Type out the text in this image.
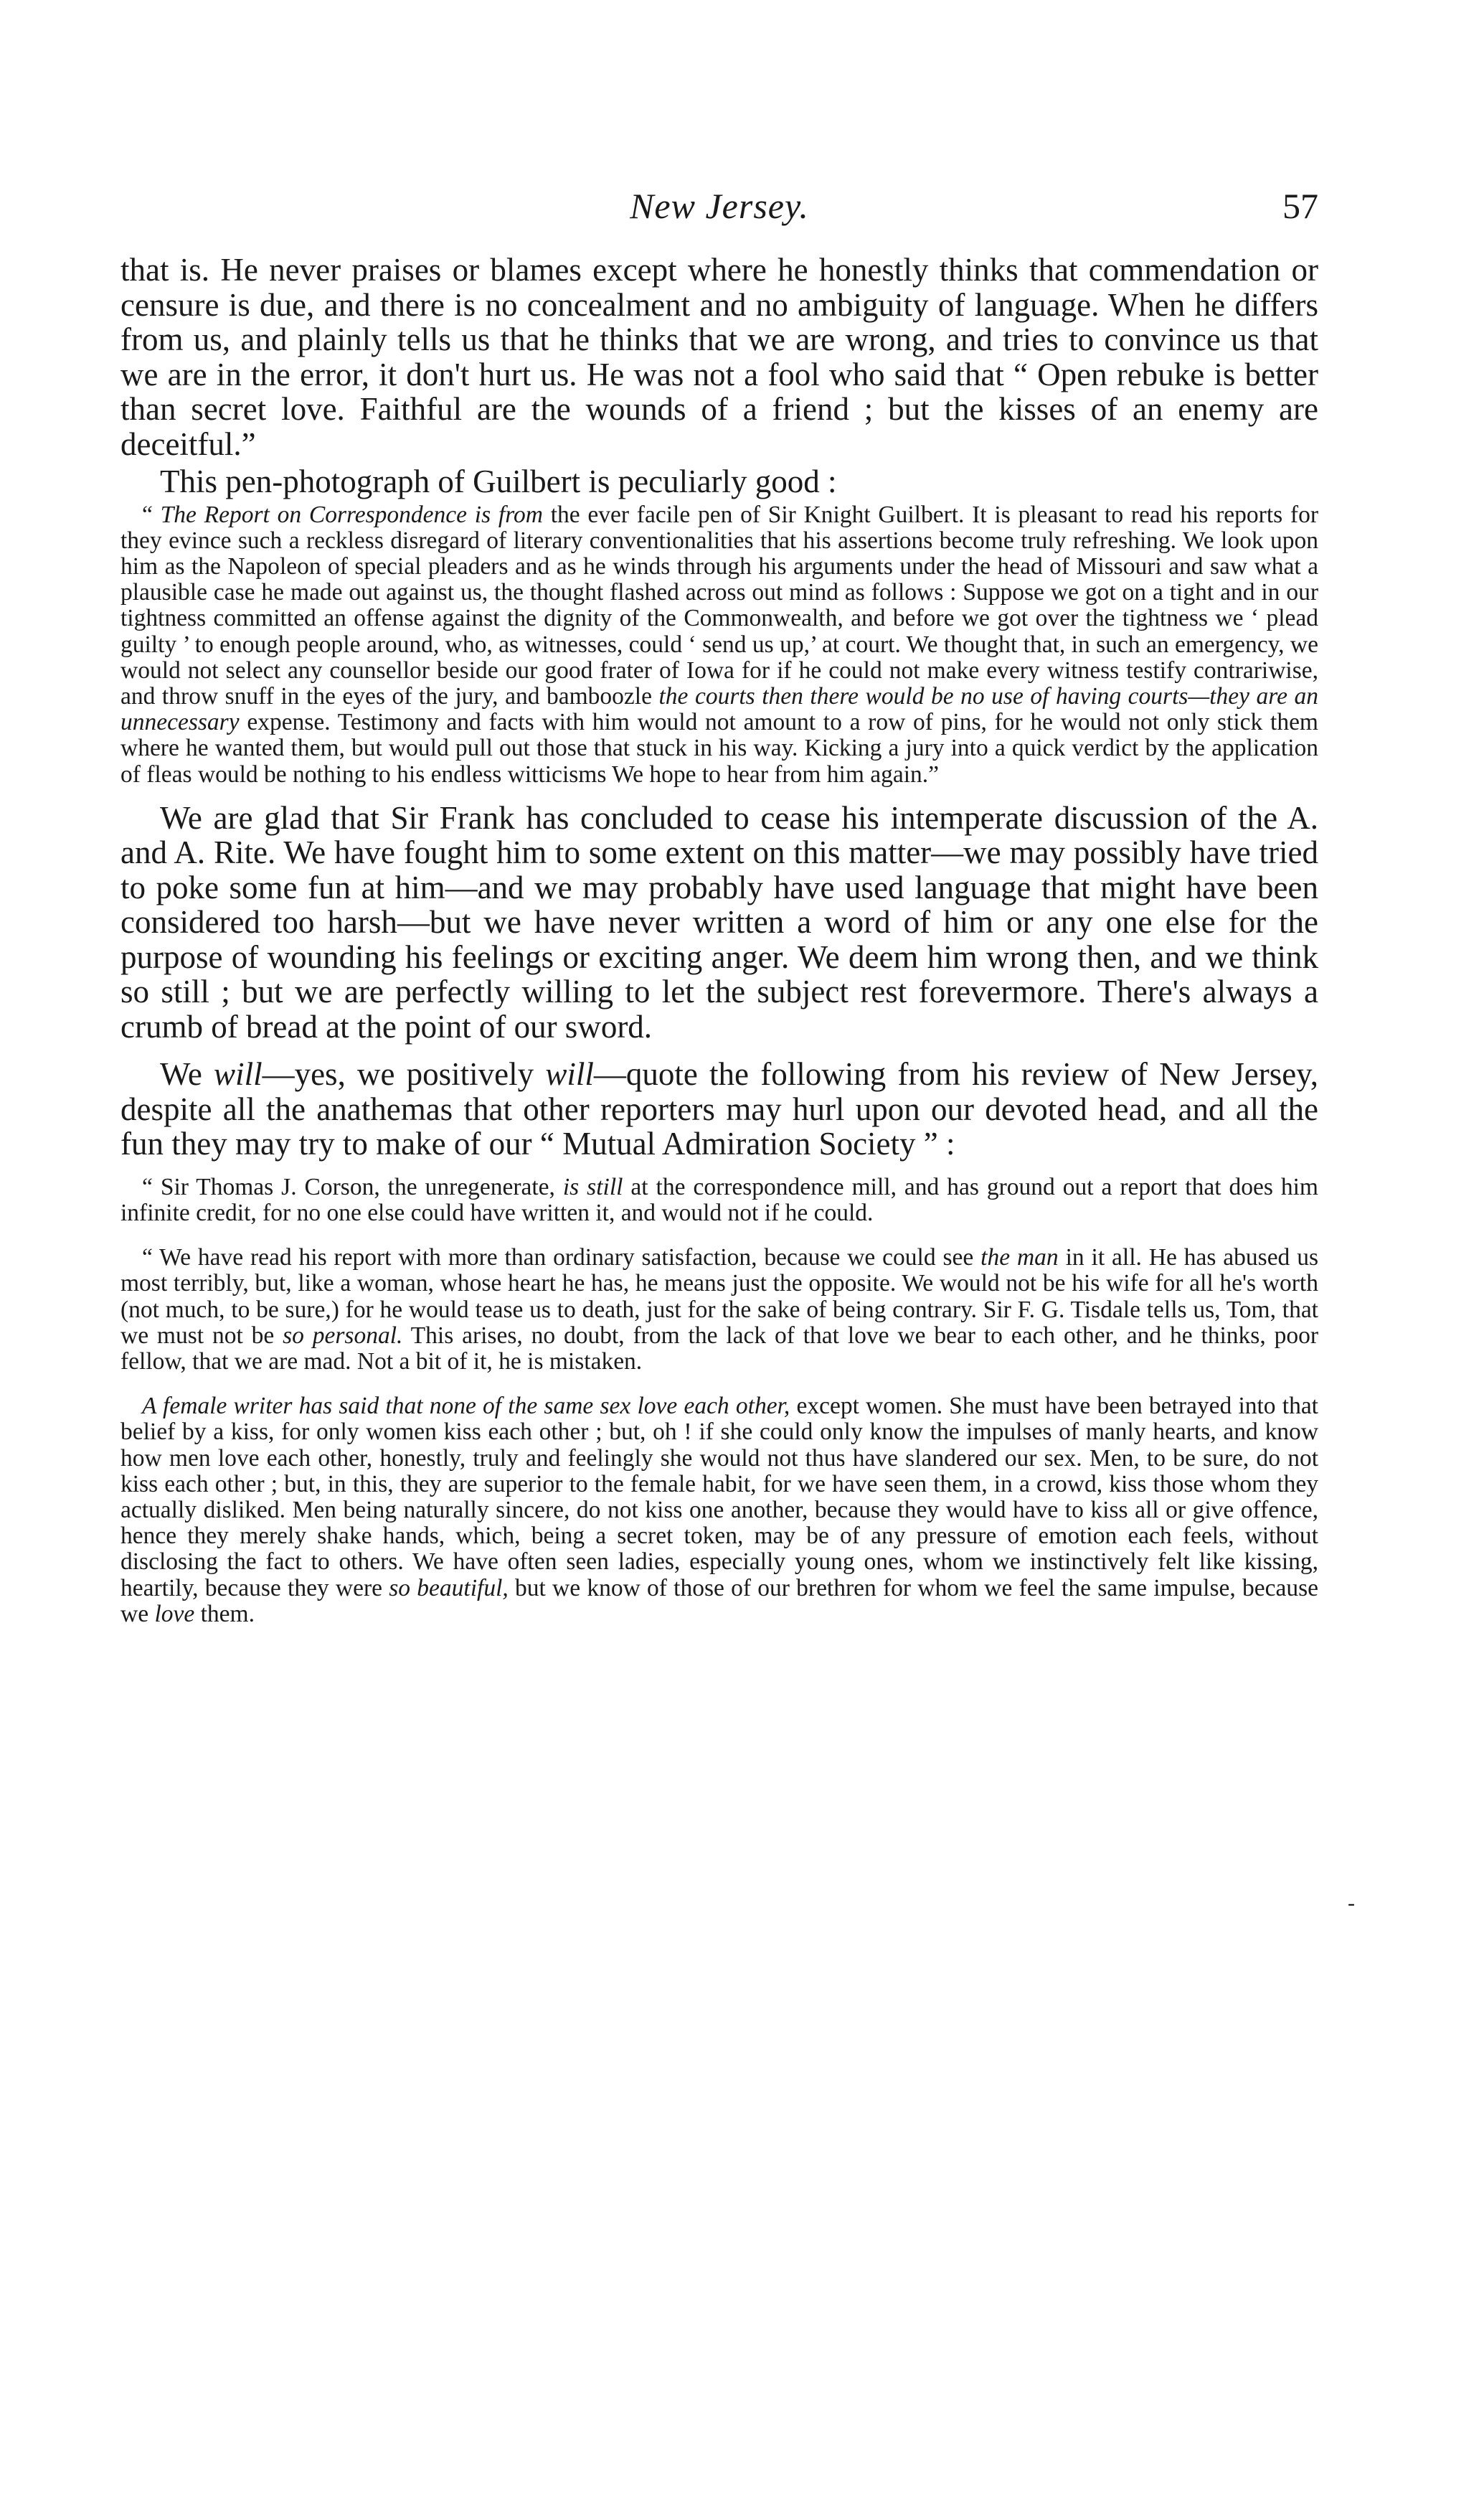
New Jersey.	57

that is. He never praises or blames except where he honestly thinks that commendation or censure is due, and there is no concealment and no ambiguity of language. When he differs from us, and plainly tells us that he thinks that we are wrong, and tries to convince us that we are in the error, it don't hurt us. He was not a fool who said that “ Open rebuke is better than secret love. Faithful are the wounds of a friend ; but the kisses of an enemy are deceitful.”

This pen-photograph of Guilbert is peculiarly good :

“ The Report on Correspondence is from the ever facile pen of Sir Knight Guilbert. It is pleasant to read his reports for they evince such a reckless disregard of literary conventionalities that his assertions become truly refreshing. We look upon him as the Napoleon of special pleaders and as he winds through his arguments under the head of Missouri and saw what a plausible case he made out against us, the thought flashed across out mind as follows : Suppose we got on a tight and in our tightness committed an offense against the dignity of the Commonwealth, and before we got over the tightness we ‘ plead guilty ’ to enough people around, who, as witnesses, could ‘ send us up,’ at court. We thought that, in such an emergency, we would not select any counsellor beside our good frater of Iowa for if he could not make every witness testify contrariwise, and throw snuff in the eyes of the jury, and bamboozle the courts then there would be no use of having courts—they are an unnecessary expense. Testimony and facts with him would not amount to a row of pins, for he would not only stick them where he wanted them, but would pull out those that stuck in his way. Kicking a jury into a quick verdict by the application of fleas would be nothing to his endless witticisms We hope to hear from him again.”

We are glad that Sir Frank has concluded to cease his intemperate discussion of the A. and A. Rite. We have fought him to some extent on this matter—we may possibly have tried to poke some fun at him—and we may probably have used language that might have been considered too harsh—but we have never written a word of him or any one else for the purpose of wounding his feelings or exciting anger. We deem him wrong then, and we think so still ; but we are perfectly willing to let the subject rest forevermore. There's always a crumb of bread at the point of our sword.

We will—yes, we positively will—quote the following from his review of New Jersey, despite all the anathemas that other reporters may hurl upon our devoted head, and all the fun they may try to make of our “ Mutual Admiration Society ” :

“ Sir Thomas J. Corson, the unregenerate, is still at the correspondence mill, and has ground out a report that does him infinite credit, for no one else could have written it, and would not if he could.

“ We have read his report with more than ordinary satisfaction, because we could see the man in it all. He has abused us most terribly, but, like a woman, whose heart he has, he means just the opposite. We would not be his wife for all he's worth (not much, to be sure,) for he would tease us to death, just for the sake of being contrary. Sir F. G. Tisdale tells us, Tom, that we must not be so personal. This arises, no doubt, from the lack of that love we bear to each other, and he thinks, poor fellow, that we are mad. Not a bit of it, he is mistaken.

A female writer has said that none of the same sex love each other, except women. She must have been betrayed into that belief by a kiss, for only women kiss each other ; but, oh ! if she could only know the impulses of manly hearts, and know how men love each other, honestly, truly and feelingly she would not thus have slandered our sex. Men, to be sure, do not kiss each other ; but, in this, they are superior to the female habit, for we have seen them, in a crowd, kiss those whom they actually disliked. Men being naturally sincere, do not kiss one another, because they would have to kiss all or give offence, hence they merely shake hands, which, being a secret token, may be of any pressure of emotion each feels, without disclosing the fact to others. We have often seen ladies, especially young ones, whom we instinctively felt like kissing, heartily, because they were so beautiful, but we know of those of our brethren for whom we feel the same impulse, because we love them.

-
